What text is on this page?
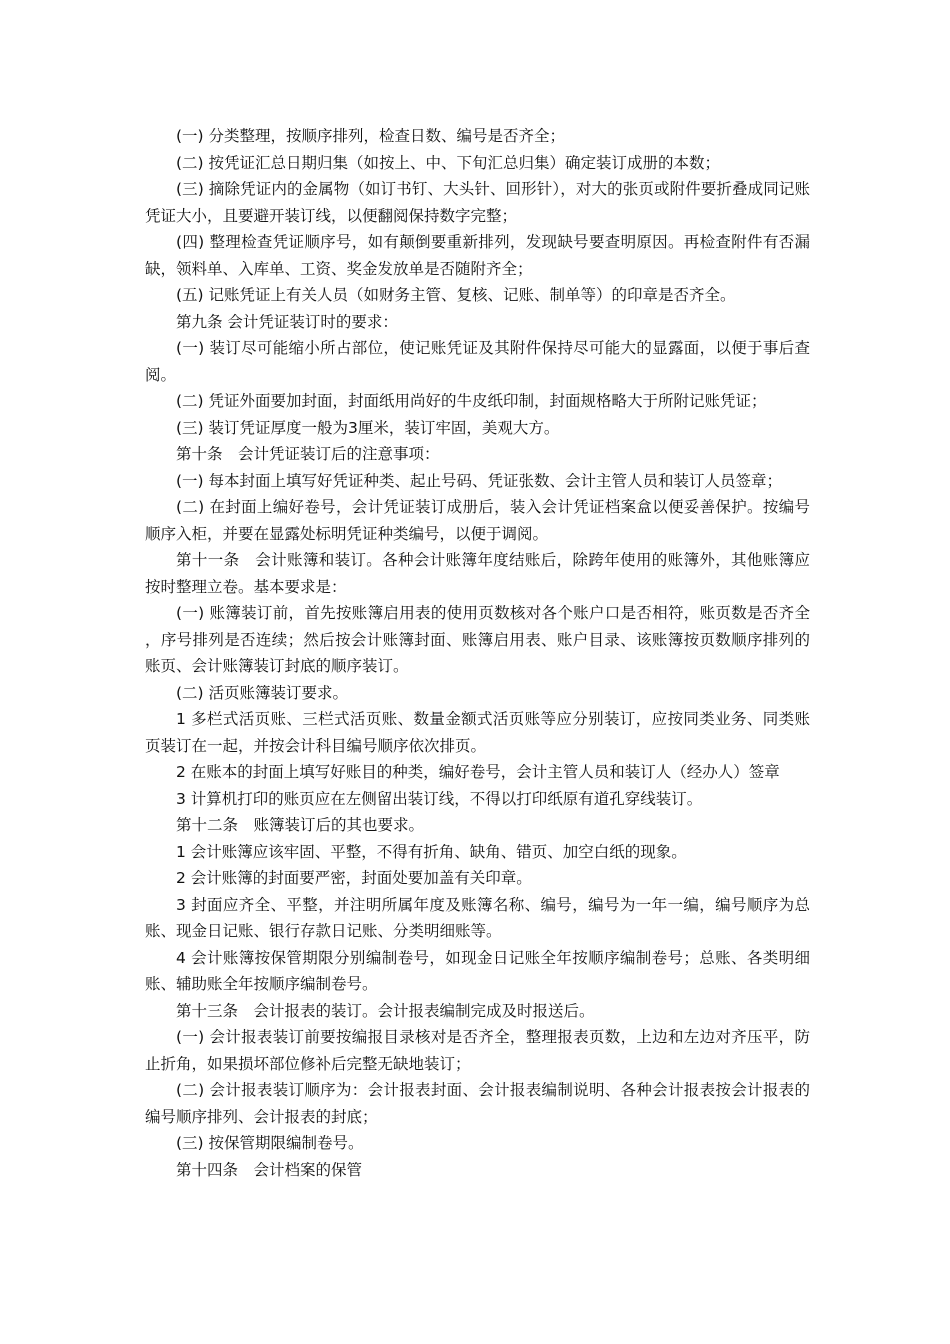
(一) 分类整理，按顺序排列，检查日数、编号是否齐全；

(二) 按凭证汇总日期归集（如按上、中、下旬汇总归集）确定装订成册的本数；

(三) 摘除凭证内的金属物（如订书钉、大头针、回形针），对大的张页或附件要折叠成同记账凭证大小，且要避开装订线，以便翻阅保持数字完整；

(四) 整理检查凭证顺序号，如有颠倒要重新排列，发现缺号要查明原因。再检查附件有否漏缺，领料单、入库单、工资、奖金发放单是否随附齐全；

(五) 记账凭证上有关人员（如财务主管、复核、记账、制单等）的印章是否齐全。

第九条 会计凭证装订时的要求：

(一) 装订尽可能缩小所占部位，使记账凭证及其附件保持尽可能大的显露面，以便于事后查阅。

(二) 凭证外面要加封面，封面纸用尚好的牛皮纸印制，封面规格略大于所附记账凭证；

(三) 装订凭证厚度一般为3厘米，装订牢固，美观大方。

第十条　会计凭证装订后的注意事项：

(一) 每本封面上填写好凭证种类、起止号码、凭证张数、会计主管人员和装订人员签章；

(二) 在封面上编好卷号，会计凭证装订成册后，装入会计凭证档案盒以便妥善保护。按编号顺序入柜，并要在显露处标明凭证种类编号，以便于调阅。

第十一条　会计账簿和装订。各种会计账簿年度结账后，除跨年使用的账簿外，其他账簿应按时整理立卷。基本要求是：

(一) 账簿装订前，首先按账簿启用表的使用页数核对各个账户口是否相符，账页数是否齐全，序号排列是否连续；然后按会计账簿封面、账簿启用表、账户目录、该账簿按页数顺序排列的账页、会计账簿装订封底的顺序装订。

(二) 活页账簿装订要求。

1 多栏式活页账、三栏式活页账、数量金额式活页账等应分别装订，应按同类业务、同类账页装订在一起，并按会计科目编号顺序依次排页。

2 在账本的封面上填写好账目的种类，编好卷号，会计主管人员和装订人（经办人）签章

3 计算机打印的账页应在左侧留出装订线，不得以打印纸原有道孔穿线装订。

第十二条　账簿装订后的其也要求。

1 会计账簿应该牢固、平整，不得有折角、缺角、错页、加空白纸的现象。

2 会计账簿的封面要严密，封面处要加盖有关印章。

3 封面应齐全、平整，并注明所属年度及账簿名称、编号，编号为一年一编，编号顺序为总账、现金日记账、银行存款日记账、分类明细账等。

4 会计账簿按保管期限分别编制卷号，如现金日记账全年按顺序编制卷号；总账、各类明细账、辅助账全年按顺序编制卷号。

第十三条　会计报表的装订。会计报表编制完成及时报送后。

(一) 会计报表装订前要按编报目录核对是否齐全，整理报表页数，上边和左边对齐压平，防止折角，如果损坏部位修补后完整无缺地装订；

(二) 会计报表装订顺序为：会计报表封面、会计报表编制说明、各种会计报表按会计报表的编号顺序排列、会计报表的封底；

(三) 按保管期限编制卷号。

第十四条　会计档案的保管
